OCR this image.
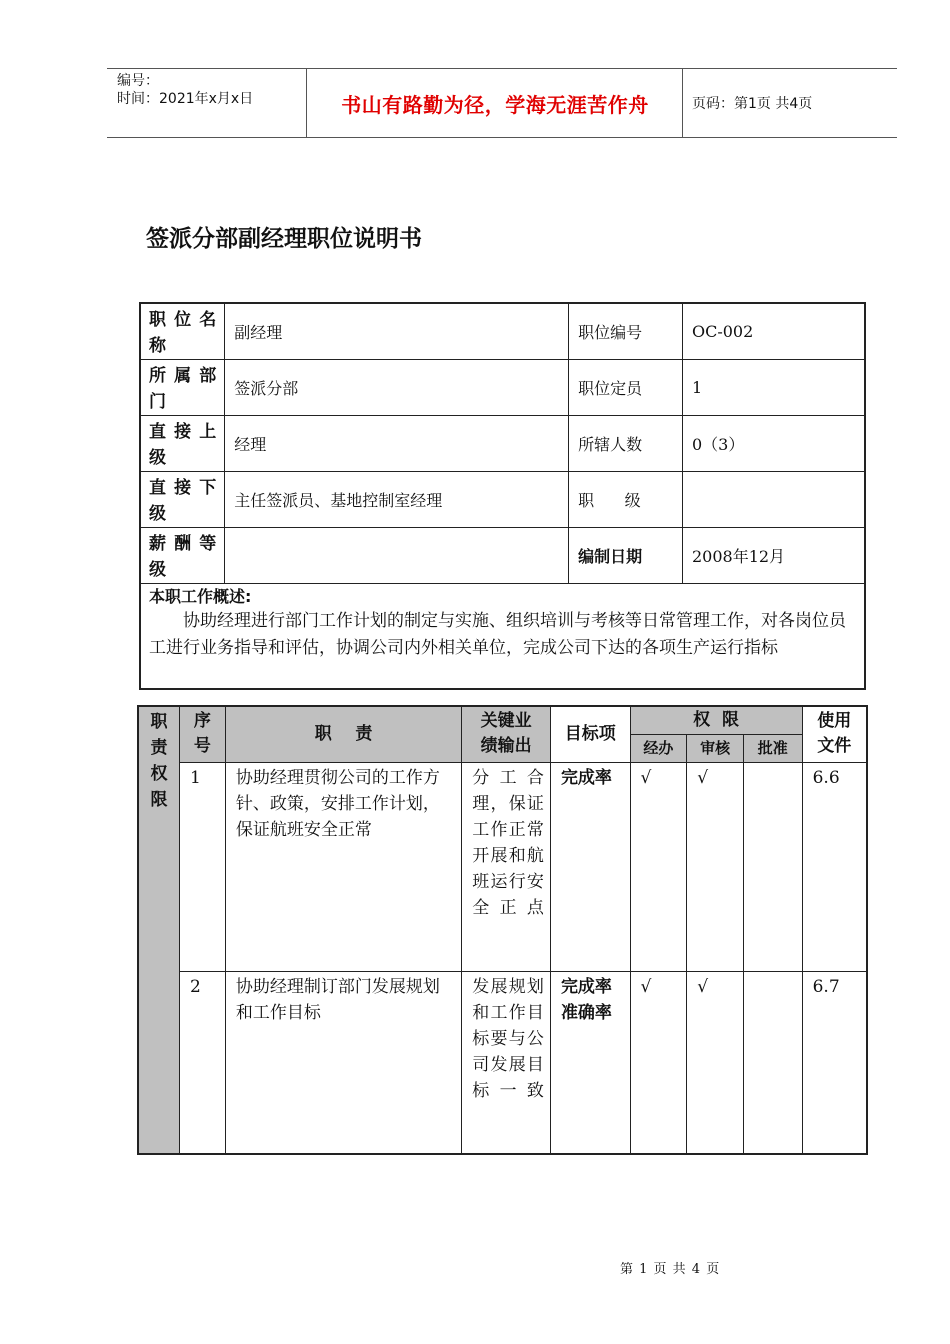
编号：
时间：2021年x月x日	书山有路勤为径，学海无涯苦作舟	页码：第1页 共4页
签派分部副经理职位说明书
职位名称	副经理	职位编号	OC-002
所属部门	签派分部	职位定员	1
直接上级	经理	所辖人数	0（3）
直接下级	主任签派员、基地控制室经理	职      级	
薪酬等级		编制日期	2008年12月

本职工作概述:
协助经理进行部门工作计划的制定与实施、组织培训与考核等日常管理工作，对各岗位员工进行业务指导和评估，协调公司内外相关单位，完成公司下达的各项生产运行指标			
职责权限	序号	职    责	关键业绩输出	目标项	权  限			使用文件
					经办	审核	批准	
	1	协助经理贯彻公司的工作方针、政策，安排工作计划，保证航班安全正常	分工合理，保证工作正常开展和航班运行安全正点	完成率	√	√		6.6
	2	协助经理制订部门发展规划和工作目标	发展规划和工作目标要与公司发展目标一致	完成率准确率	√	√		6.7
第 1 页 共 4 页
